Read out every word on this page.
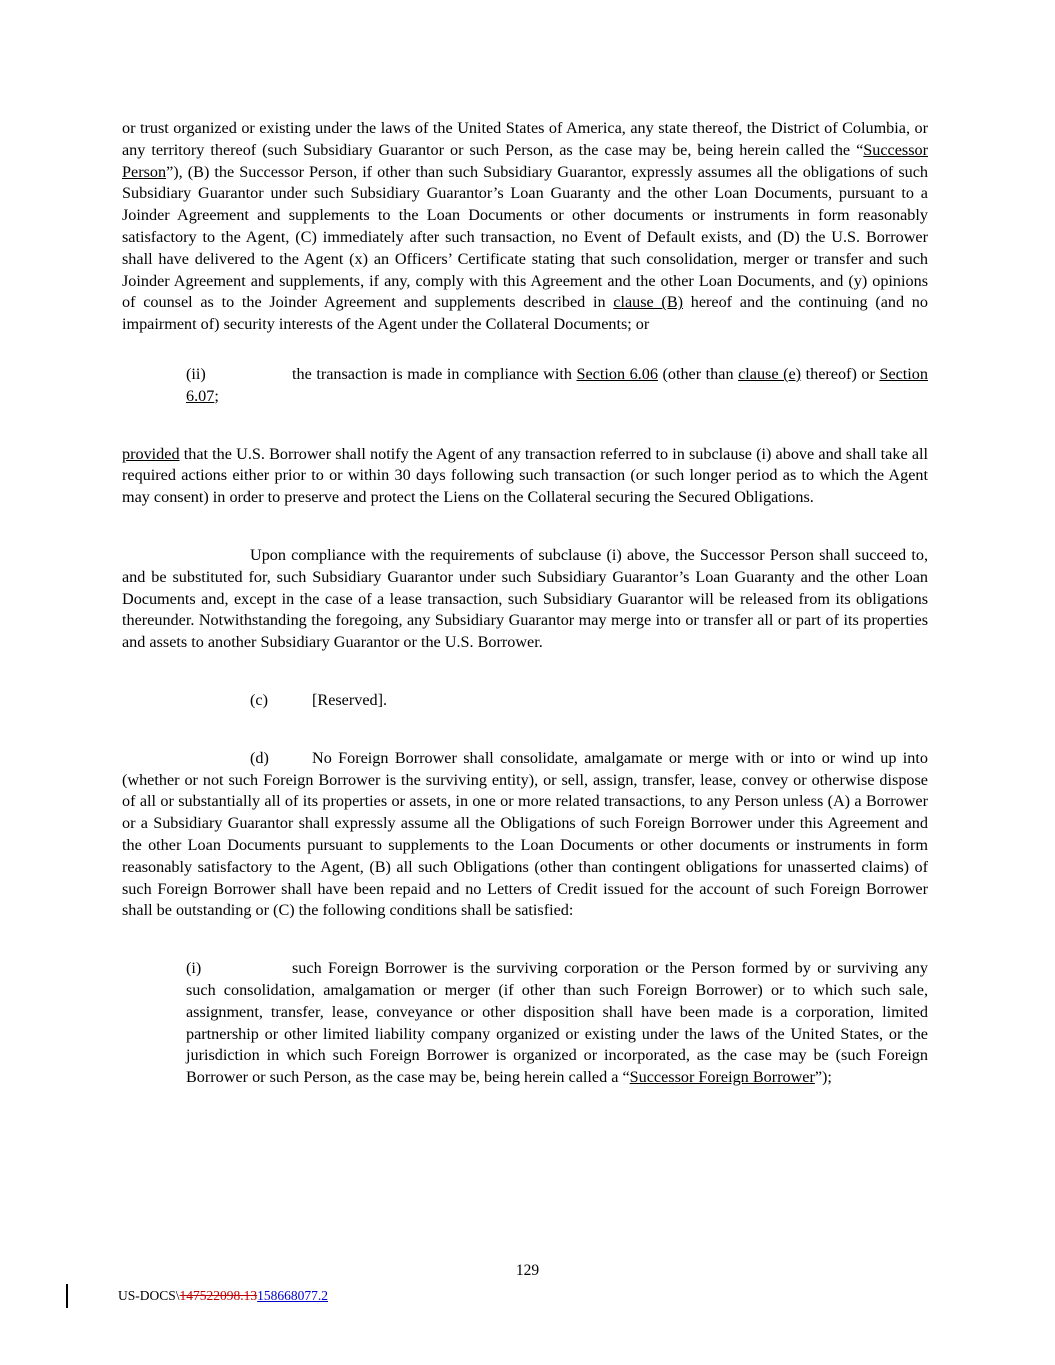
or trust organized or existing under the laws of the United States of America, any state thereof, the District of Columbia, or any territory thereof (such Subsidiary Guarantor or such Person, as the case may be, being herein called the “Successor Person”), (B) the Successor Person, if other than such Subsidiary Guarantor, expressly assumes all the obligations of such Subsidiary Guarantor under such Subsidiary Guarantor’s Loan Guaranty and the other Loan Documents, pursuant to a Joinder Agreement and supplements to the Loan Documents or other documents or instruments in form reasonably satisfactory to the Agent, (C) immediately after such transaction, no Event of Default exists, and (D) the U.S. Borrower shall have delivered to the Agent (x) an Officers’ Certificate stating that such consolidation, merger or transfer and such Joinder Agreement and supplements, if any, comply with this Agreement and the other Loan Documents, and (y) opinions of counsel as to the Joinder Agreement and supplements described in clause (B) hereof and the continuing (and no impairment of) security interests of the Agent under the Collateral Documents; or

(ii)	the transaction is made in compliance with Section 6.06 (other than clause (e) thereof) or Section 6.07;

provided that the U.S. Borrower shall notify the Agent of any transaction referred to in subclause (i) above and shall take all required actions either prior to or within 30 days following such transaction (or such longer period as to which the Agent may consent) in order to preserve and protect the Liens on the Collateral securing the Secured Obligations.

Upon compliance with the requirements of subclause (i) above, the Successor Person shall succeed to, and be substituted for, such Subsidiary Guarantor under such Subsidiary Guarantor’s Loan Guaranty and the other Loan Documents and, except in the case of a lease transaction, such Subsidiary Guarantor will be released from its obligations thereunder. Notwithstanding the foregoing, any Subsidiary Guarantor may merge into or transfer all or part of its properties and assets to another Subsidiary Guarantor or the U.S. Borrower.

(c)	[Reserved].

(d)	No Foreign Borrower shall consolidate, amalgamate or merge with or into or wind up into (whether or not such Foreign Borrower is the surviving entity), or sell, assign, transfer, lease, convey or otherwise dispose of all or substantially all of its properties or assets, in one or more related transactions, to any Person unless (A) a Borrower or a Subsidiary Guarantor shall expressly assume all the Obligations of such Foreign Borrower under this Agreement and the other Loan Documents pursuant to supplements to the Loan Documents or other documents or instruments in form reasonably satisfactory to the Agent, (B) all such Obligations (other than contingent obligations for unasserted claims) of such Foreign Borrower shall have been repaid and no Letters of Credit issued for the account of such Foreign Borrower shall be outstanding or (C) the following conditions shall be satisfied:

(i)	such Foreign Borrower is the surviving corporation or the Person formed by or surviving any such consolidation, amalgamation or merger (if other than such Foreign Borrower) or to which such sale, assignment, transfer, lease, conveyance or other disposition shall have been made is a corporation, limited partnership or other limited liability company organized or existing under the laws of the United States, or the jurisdiction in which such Foreign Borrower is organized or incorporated, as the case may be (such Foreign Borrower or such Person, as the case may be, being herein called a “Successor Foreign Borrower”);

129
US-DOCS\147522098.13158668077.2
